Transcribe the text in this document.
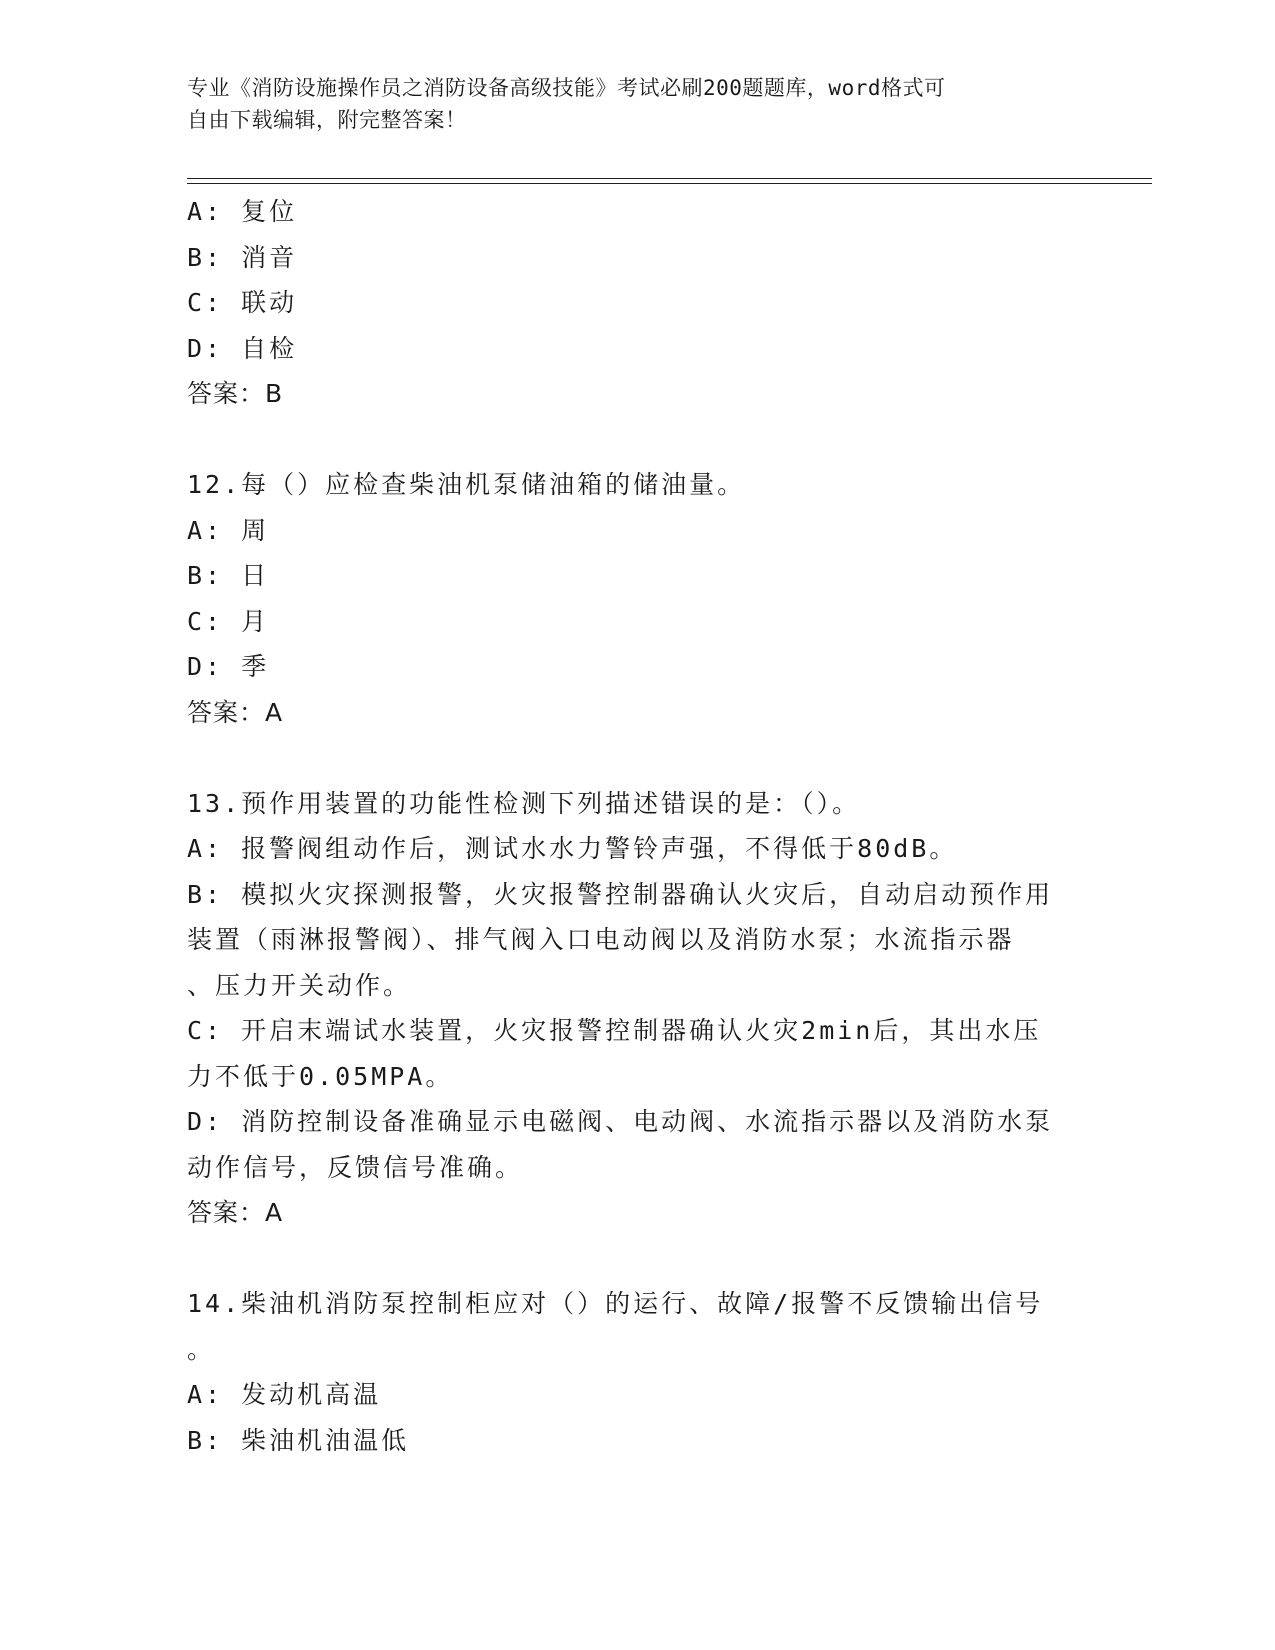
专业《消防设施操作员之消防设备高级技能》考试必刷200题题库，word格式可
自由下载编辑，附完整答案！
A: 复位
B: 消音
C: 联动
D: 自检
答案：B
12.每（）应检查柴油机泵储油箱的储油量。
A: 周
B: 日
C: 月
D: 季
答案：A
13.预作用装置的功能性检测下列描述错误的是：（）。
A: 报警阀组动作后，测试水水力警铃声强，不得低于80dB。
B: 模拟火灾探测报警，火灾报警控制器确认火灾后，自动启动预作用
装置（雨淋报警阀）、排气阀入口电动阀以及消防水泵；水流指示器
、压力开关动作。
C: 开启末端试水装置，火灾报警控制器确认火灾2min后，其出水压
力不低于0.05MPA。
D: 消防控制设备准确显示电磁阀、电动阀、水流指示器以及消防水泵
动作信号，反馈信号准确。
答案：A
14.柴油机消防泵控制柜应对（）的运行、故障/报警不反馈输出信号
。
A: 发动机高温
B: 柴油机油温低
